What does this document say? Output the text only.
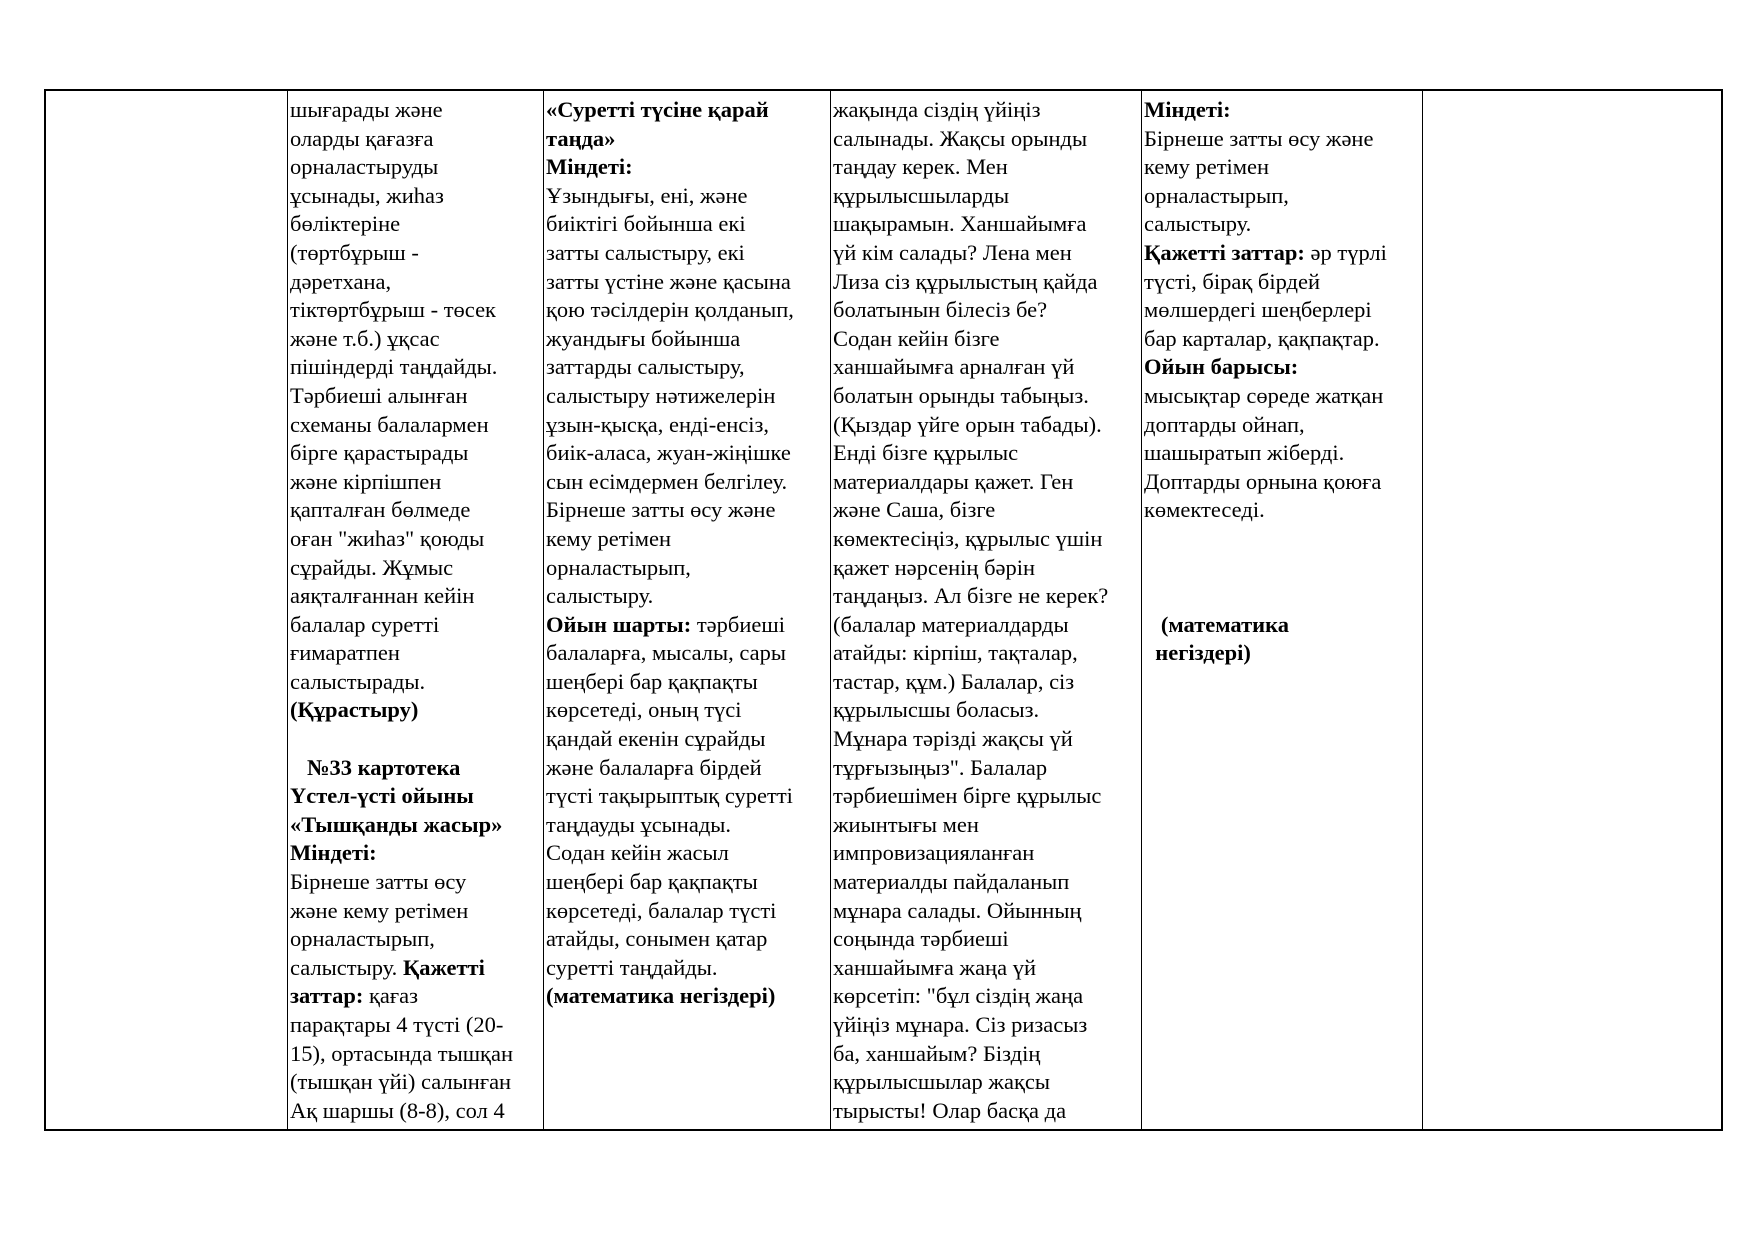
шығарады және
оларды қағазға
орналастыруды
ұсынады, жиһаз
бөліктеріне
(төртбұрыш -
дәретхана,
тіктөртбұрыш - төсек
және т.б.) ұқсас
пішіндерді таңдайды.
Тәрбиеші алынған
схеманы балалармен
бірге қарастырады
және кірпішпен
қапталған бөлмеде
оған "жиһаз" қоюды
сұрайды. Жұмыс
аяқталғаннан кейін
балалар суретті
ғимаратпен
салыстырады.
(Құрастыру)
№33 картотека
Үстел-үсті ойыны
«Тышқанды жасыр»
Міндеті:
Бірнеше затты өсу
және кему ретімен
орналастырып,
салыстыру. Қажетті
заттар: қағаз
парақтары 4 түсті (20-
15), ортасында тышқан
(тышқан үйі) салынған
Ақ шаршы (8-8), сол 4
«Суретті түсіне қарай
таңда»
Міндеті:
Ұзындығы, ені, және
биіктігі бойынша екі
затты салыстыру, екі
затты үстіне және қасына
қою тәсілдерін қолданып,
жуандығы бойынша
заттарды салыстыру,
салыстыру нәтижелерін
ұзын-қысқа, енді-енсіз,
биік-аласа, жуан-жіңішке
сын есімдермен белгілеу.
Бірнеше затты өсу және
кему ретімен
орналастырып,
салыстыру.
Ойын шарты: тәрбиеші
балаларға, мысалы, сары
шеңбері бар қақпақты
көрсетеді, оның түсі
қандай екенін сұрайды
және балаларға бірдей
түсті тақырыптық суретті
таңдауды ұсынады.
Содан кейін жасыл
шеңбері бар қақпақты
көрсетеді, балалар түсті
атайды, сонымен қатар
суретті таңдайды.
(математика негіздері)
жақында сіздің үйіңіз
салынады. Жақсы орынды
таңдау керек. Мен
құрылысшыларды
шақырамын. Ханшайымға
үй кім салады? Лена мен
Лиза сіз құрылыстың қайда
болатынын білесіз бе?
Содан кейін бізге
ханшайымға арналған үй
болатын орынды табыңыз.
(Қыздар үйге орын табады).
Енді бізге құрылыс
материалдары қажет. Ген
және Саша, бізге
көмектесіңіз, құрылыс үшін
қажет нәрсенің бәрін
таңдаңыз. Ал бізге не керек?
(балалар материалдарды
атайды: кірпіш, тақталар,
тастар, құм.) Балалар, сіз
құрылысшы боласыз.
Мұнара тәрізді жақсы үй
тұрғызыңыз". Балалар
тәрбиешімен бірге құрылыс
жиынтығы мен
импровизацияланған
материалды пайдаланып
мұнара салады. Ойынның
соңында тәрбиеші
ханшайымға жаңа үй
көрсетіп: "бұл сіздің жаңа
үйіңіз мұнара. Сіз ризасыз
ба, ханшайым? Біздің
құрылысшылар жақсы
тырысты! Олар басқа да
Міндеті:
Бірнеше затты өсу және
кему ретімен
орналастырып,
салыстыру.
Қажетті заттар: әр түрлі
түсті, бірақ бірдей
мөлшердегі шеңберлері
бар карталар, қақпақтар.
Ойын барысы:
мысықтар сөреде жатқан
доптарды ойнап,
шашыратып жіберді.
Доптарды орнына қоюға
көмектеседі.
(математика
негіздері)
